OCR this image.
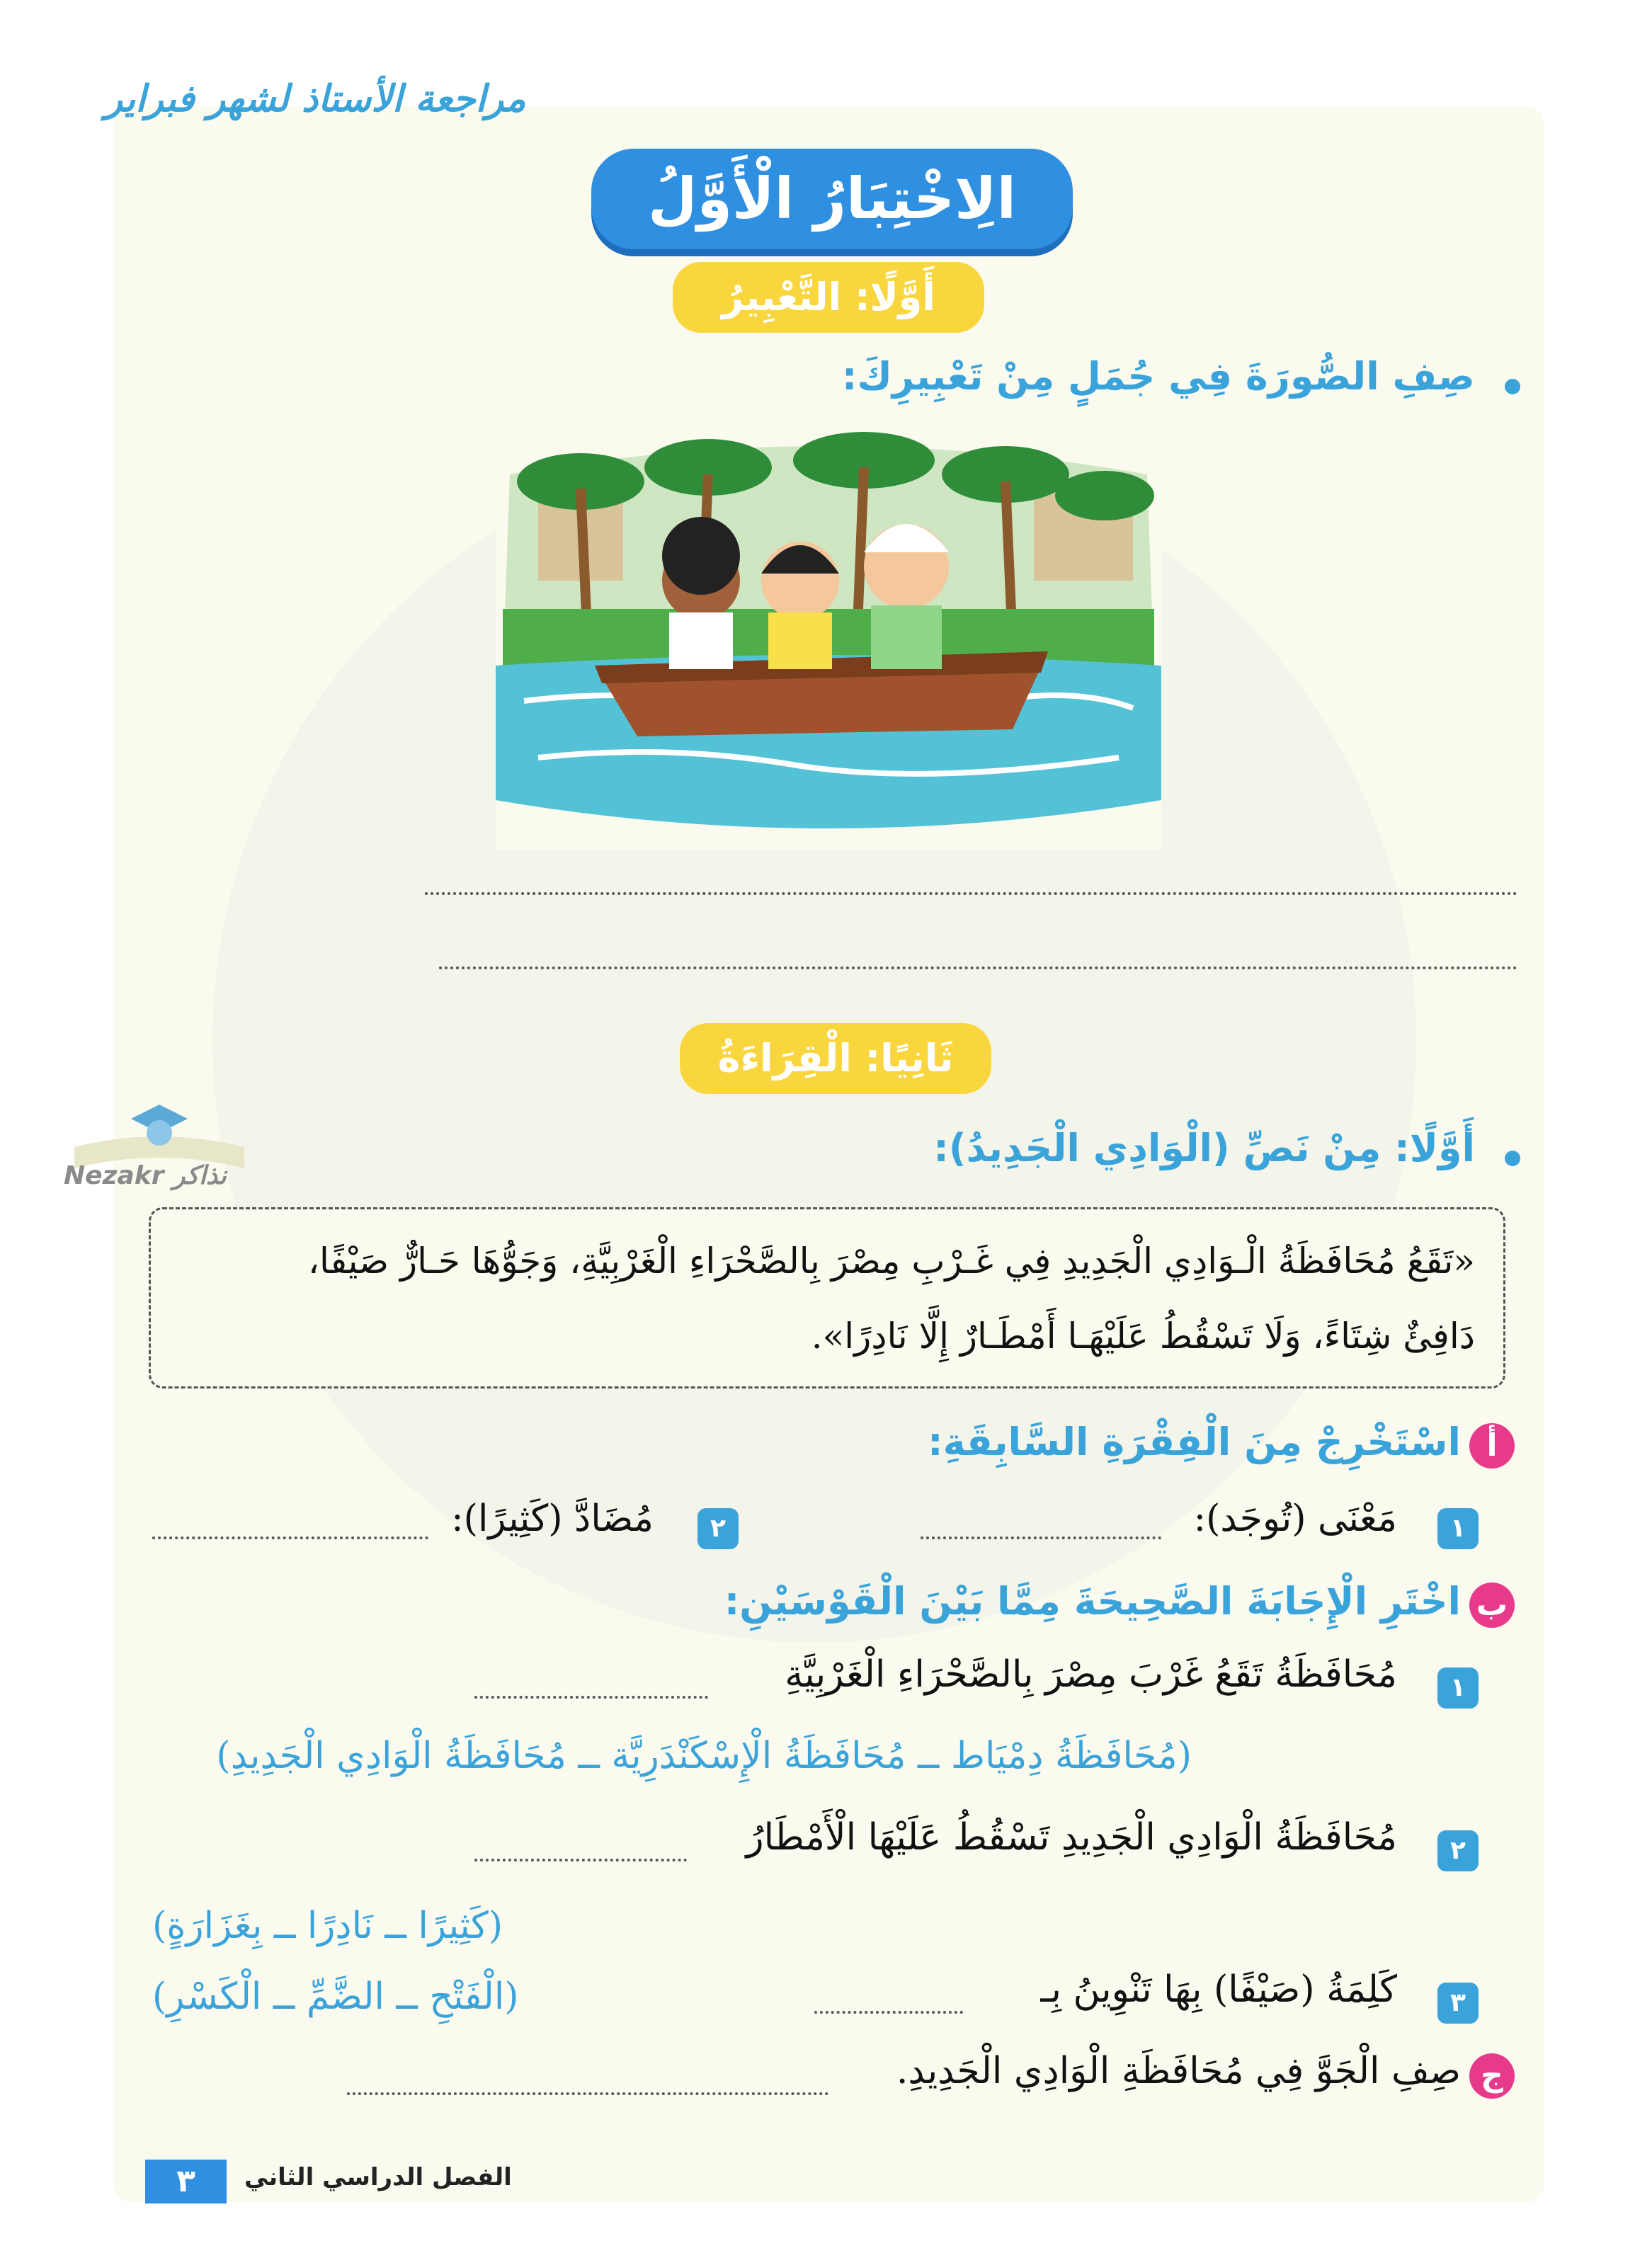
مراجعة الأستاذ لشهر فبراير
الِاخْتِبَارُ الْأَوَّلُ
أَوَّلًا: التَّعْبِيرُ
صِفِ الصُّورَةَ فِي جُمَلٍ مِنْ تَعْبِيرِكَ:
ثَانِيًا: الْقِرَاءَةُ
Nezakr نذاكر
أَوَّلًا: مِنْ نَصِّ (الْوَادِي الْجَدِيدُ):
«تَقَعُ مُحَافَظَةُ الْـوَادِي الْجَدِيدِ فِي غَـرْبِ مِصْرَ بِالصَّحْرَاءِ الْغَرْبِيَّةِ، وَجَوُّهَا حَـارٌّ صَيْفًا،
دَافِئٌ شِتَاءً، وَلَا تَسْقُطُ عَلَيْهَـا أَمْطَـارٌ إِلَّا نَادِرًا».
أ
اسْتَخْرِجْ مِنَ الْفِقْرَةِ السَّابِقَةِ:
١
مَعْنَى (تُوجَد):
٢
مُضَادَّ (كَثِيرًا):
ب
اخْتَرِ الْإِجَابَةَ الصَّحِيحَةَ مِمَّا بَيْنَ الْقَوْسَيْنِ:
١
مُحَافَظَةُ تَقَعُ غَرْبَ مِصْرَ بِالصَّحْرَاءِ الْغَرْبِيَّةِ
(مُحَافَظَةُ دِمْيَاط ــ مُحَافَظَةُ الْإِسْكَنْدَرِيَّة ــ مُحَافَظَةُ الْوَادِي الْجَدِيدِ)
٢
مُحَافَظَةُ الْوَادِي الْجَدِيدِ تَسْقُطُ عَلَيْهَا الْأَمْطَارُ
(كَثِيرًا ــ نَادِرًا ــ بِغَزَارَةٍ)
٣
كَلِمَةُ (صَيْفًا) بِهَا تَنْوِينُ بِـ
(الْفَتْحِ ــ الضَّمِّ ــ الْكَسْرِ)
ج
صِفِ الْجَوَّ فِي مُحَافَظَةِ الْوَادِي الْجَدِيدِ.
٣	الفصل الدراسي الثاني
